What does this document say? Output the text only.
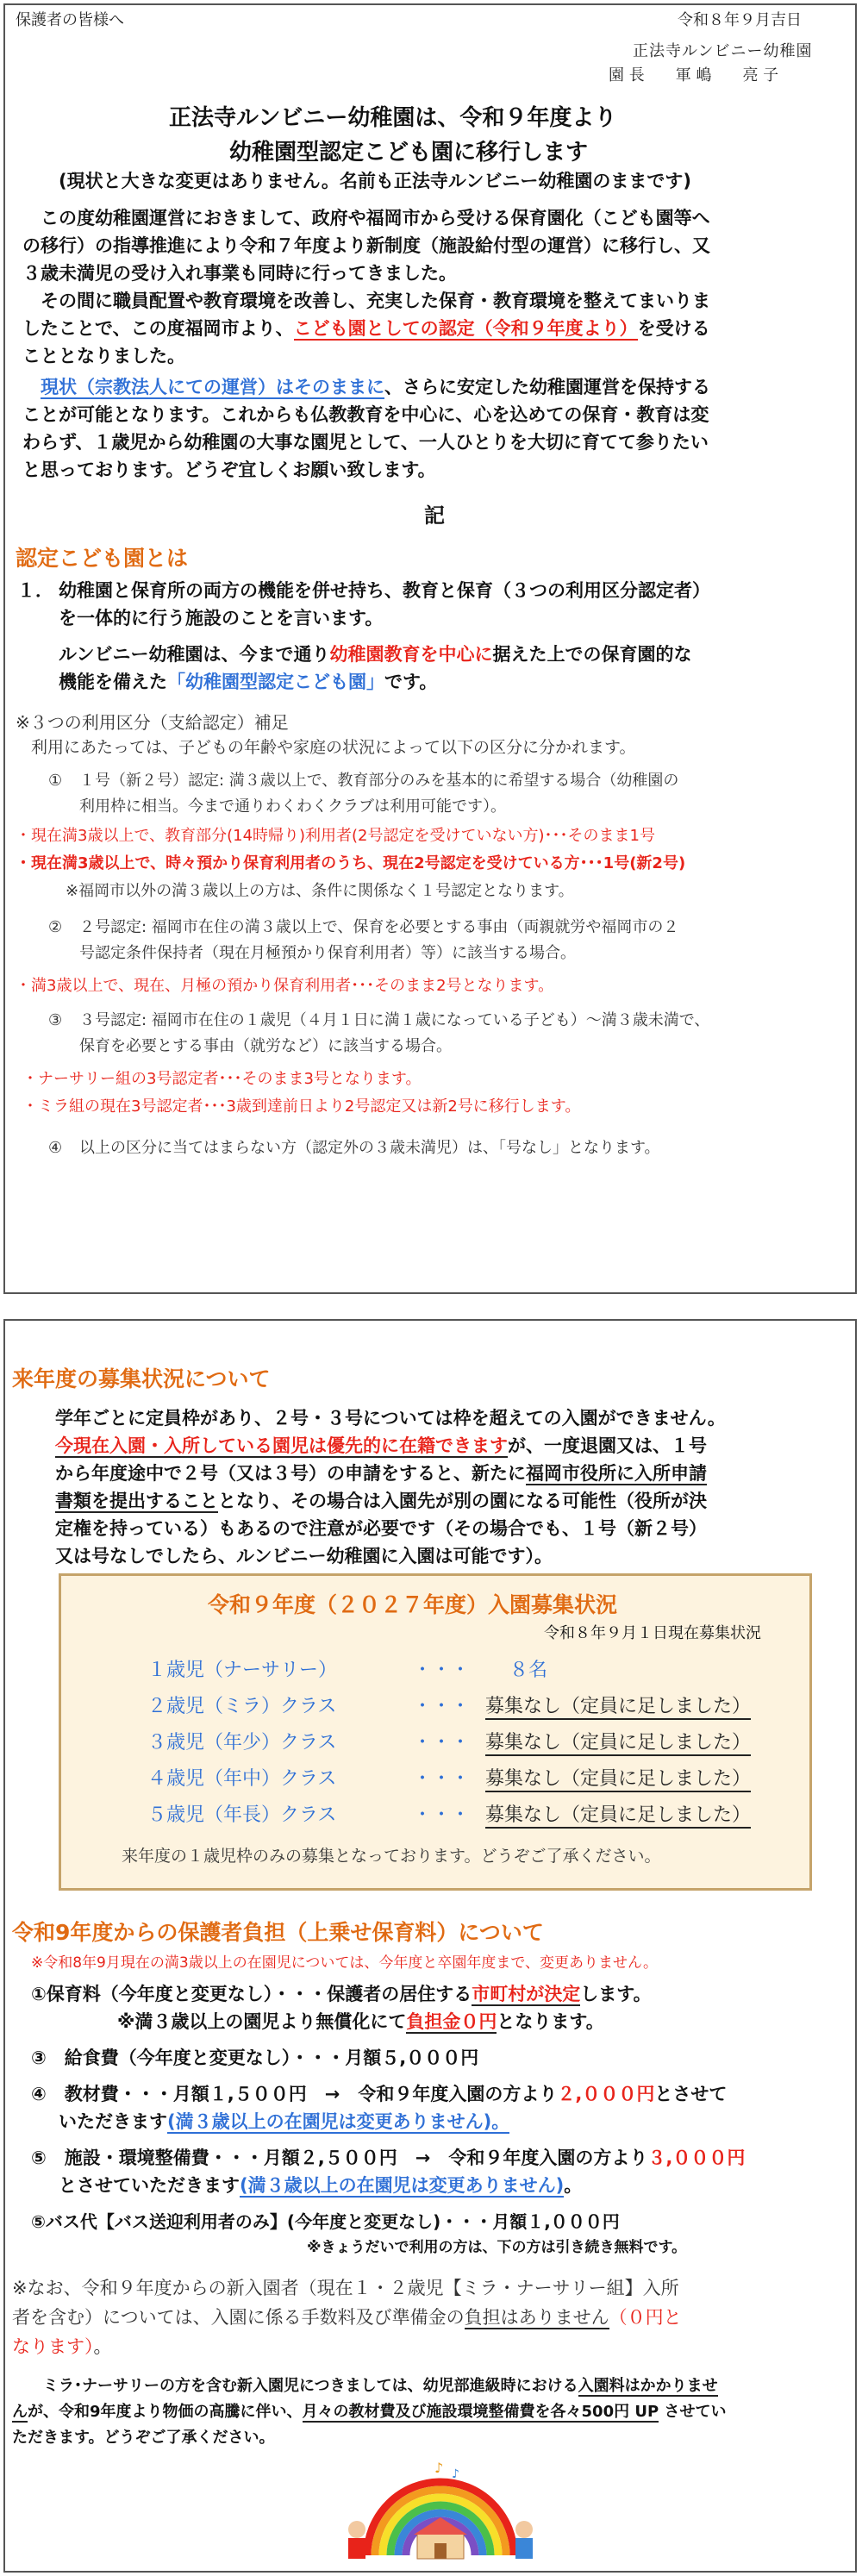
保護者の皆様へ	令和８年９月吉日
正法寺ルンビニー幼稚園
園 長　　軍 嶋　　亮 子
正法寺ルンビニー幼稚園は、令和９年度より
幼稚園型認定こども園に移行します
(現状と大きな変更はありません。名前も正法寺ルンビニー幼稚園のままです)
　この度幼稚園運営におきまして、政府や福岡市から受ける保育園化（こども園等へ
の移行）の指導推進により令和７年度より新制度（施設給付型の運営）に移行し、又
３歳未満児の受け入れ事業も同時に行ってきました。
　その間に職員配置や教育環境を改善し、充実した保育・教育環境を整えてまいりま
したことで、この度福岡市より、こども園としての認定（令和９年度より）を受ける
こととなりました。
　現状（宗教法人にての運営）はそのままに、さらに安定した幼稚園運営を保持する
ことが可能となります。これからも仏教教育を中心に、心を込めての保育・教育は変
わらず、１歳児から幼稚園の大事な園児として、一人ひとりを大切に育てて参りたい
と思っております。どうぞ宜しくお願い致します。
記
認定こども園とは
１． 幼稚園と保育所の両方の機能を併せ持ち、教育と保育（３つの利用区分認定者）
を一体的に行う施設のことを言います。
ルンビニー幼稚園は、今まで通り幼稚園教育を中心に据えた上での保育園的な
機能を備えた「幼稚園型認定こども園」です。
※３つの利用区分（支給認定）補足
利用にあたっては、子どもの年齢や家庭の状況によって以下の区分に分かれます。
① １号（新２号）認定: 満３歳以上で、教育部分のみを基本的に希望する場合（幼稚園の
利用枠に相当。今まで通りわくわくクラブは利用可能です）。
・現在満3歳以上で、教育部分(14時帰り)利用者(2号認定を受けていない方)･･･そのまま1号
・現在満3歳以上で、時々預かり保育利用者のうち、現在2号認定を受けている方･･･1号(新2号)
※福岡市以外の満３歳以上の方は、条件に関係なく１号認定となります。
② ２号認定: 福岡市在住の満３歳以上で、保育を必要とする事由（両親就労や福岡市の２
号認定条件保持者（現在月極預かり保育利用者）等）に該当する場合。
・満3歳以上で、現在、月極の預かり保育利用者･･･そのまま2号となります。
③ ３号認定: 福岡市在住の１歳児（４月１日に満１歳になっている子ども）～満３歳未満で、
保育を必要とする事由（就労など）に該当する場合。
・ナーサリー組の3号認定者･･･そのまま3号となります。
・ミラ組の現在3号認定者･･･3歳到達前日より2号認定又は新2号に移行します。
④ 以上の区分に当てはまらない方（認定外の３歳未満児）は、「号なし」となります。
来年度の募集状況について
学年ごとに定員枠があり、２号・３号については枠を超えての入園ができません。
今現在入園・入所している園児は優先的に在籍できますが、一度退園又は、１号
から年度途中で２号（又は３号）の申請をすると、新たに福岡市役所に入所申請
書類を提出することとなり、その場合は入園先が別の園になる可能性（役所が決
定権を持っている）もあるので注意が必要です（その場合でも、１号（新２号）
又は号なしでしたら、ルンビニー幼稚園に入園は可能です）。
令和９年度（２０２７年度）入園募集状況
令和８年９月１日現在募集状況
１歳児（ナーサリー）	・・・ ８名
２歳児（ミラ）クラス	・・・ 募集なし（定員に足しました）
３歳児（年少）クラス	・・・ 募集なし（定員に足しました）
４歳児（年中）クラス	・・・ 募集なし（定員に足しました）
５歳児（年長）クラス	・・・ 募集なし（定員に足しました）
来年度の１歳児枠のみの募集となっております。どうぞご了承ください。
令和9年度からの保護者負担（上乗せ保育料）について
※令和8年9月現在の満3歳以上の在園児については、今年度と卒園年度まで、変更ありません。
①保育料（今年度と変更なし）・・・保護者の居住する市町村が決定します。
※満３歳以上の園児より無償化にて負担金０円となります。
③　給食費（今年度と変更なし）・・・月額５,０００円
④　教材費・・・月額１,５００円　→　令和９年度入園の方より２,０００円とさせて
いただきます(満３歳以上の在園児は変更ありません)。
⑤　施設・環境整備費・・・月額２,５００円　→　令和９年度入園の方より３,０００円
とさせていただきます(満３歳以上の在園児は変更ありません)。
⑤バス代【バス送迎利用者のみ】(今年度と変更なし)・・・月額１,０００円
※きょうだいで利用の方は、下の方は引き続き無料です。
※なお、令和９年度からの新入園者（現在１・２歳児【ミラ・ナーサリー組】入所
者を含む）については、入園に係る手数料及び準備金の負担はありません（０円と
なります）。
　　ミラ･ナーサリーの方を含む新入園児につきましては、幼児部進級時における入園料はかかりませ
んが、令和9年度より物価の高騰に伴い、月々の教材費及び施設環境整備費を各々500円 UP させてい
ただきます。どうぞご了承ください。
♪ ♪
